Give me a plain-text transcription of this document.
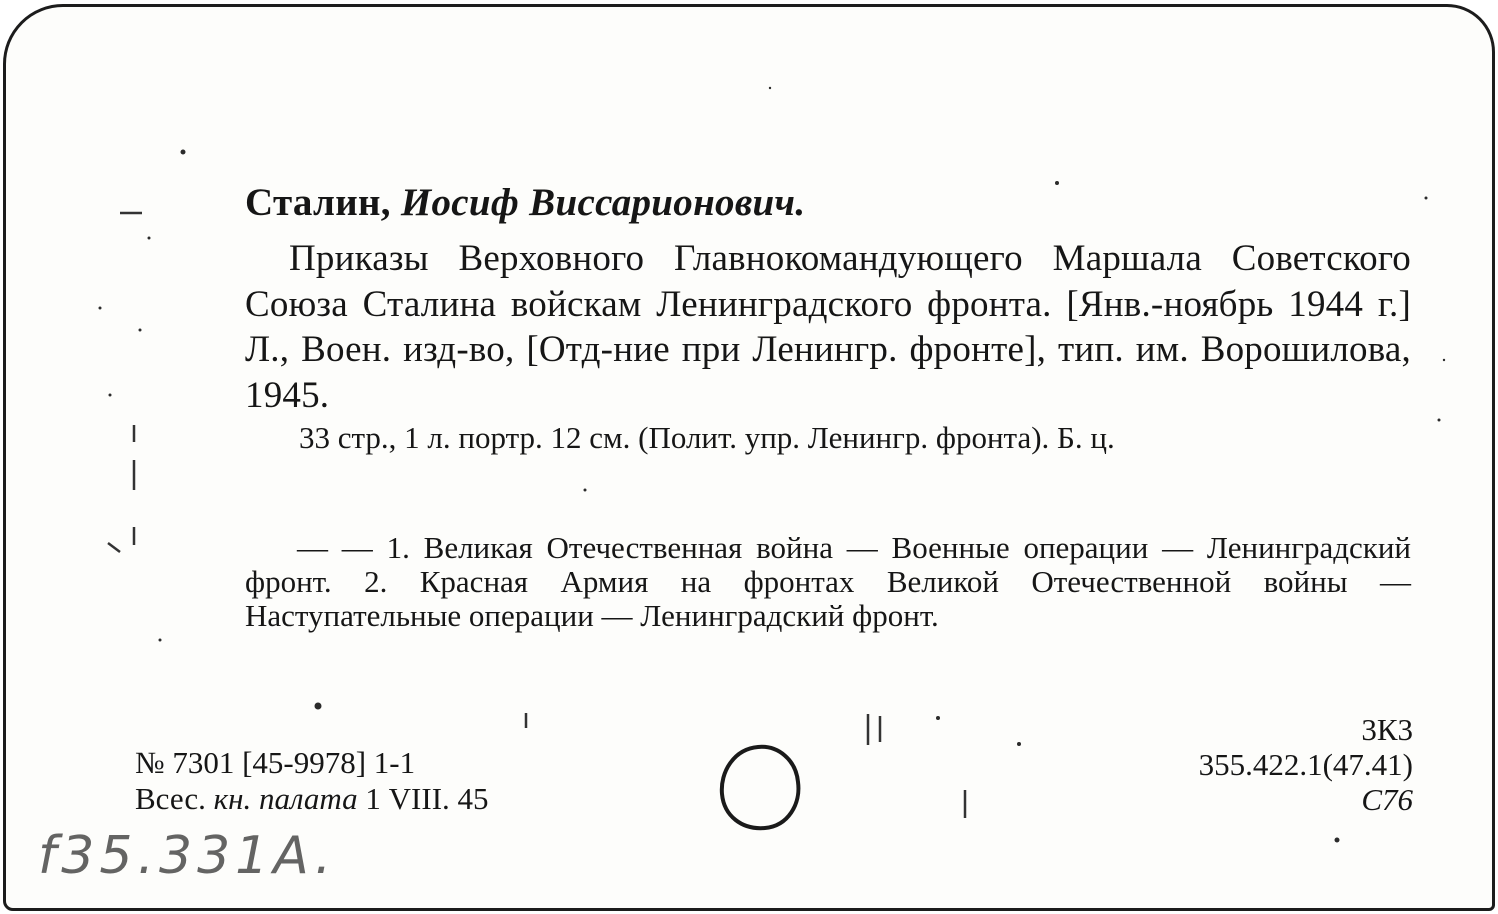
Сталин, Иосиф Виссарионович.
Приказы Верховного Главнокомандующего Маршала Советского Союза Сталина войскам Ленинградского фронта. [Янв.-ноябрь 1944 г.] Л., Воен. изд-во, [Отд-ние при Ленингр. фронте], тип. им. Ворошилова, 1945.
33 стр., 1 л. портр. 12 см. (Полит. упр. Ленингр. фронта). Б. ц.
— — 1. Великая Отечественная война — Военные операции — Ленинградский фронт. 2. Красная Армия на фронтах Великой Отечественной войны — Наступательные операции — Ленинградский фронт.
№ 7301 [45-9978] 1-1
Всес. кн. палата 1 VIII. 45
3К3
355.422.1(47.41)
С76
f35.331A.
